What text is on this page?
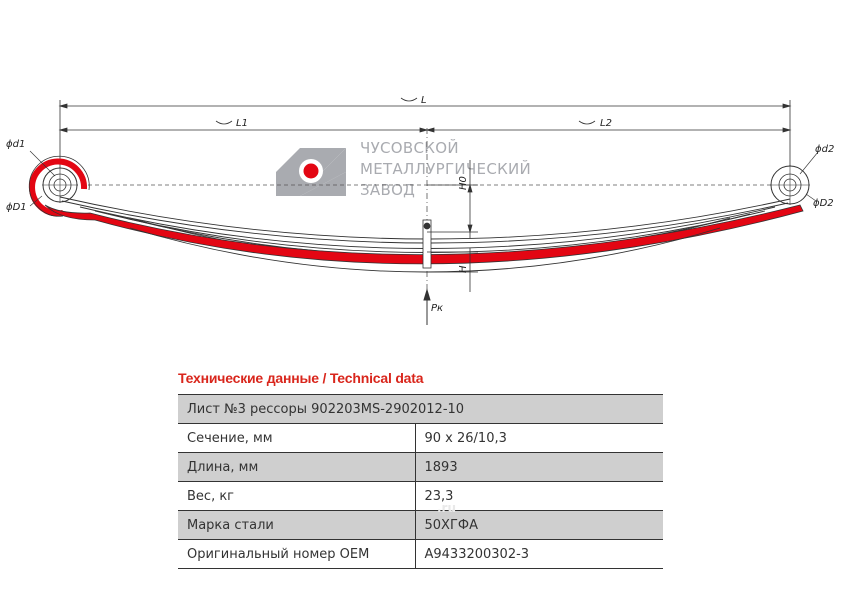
ЧУСОВСКОЙ
МЕТАЛЛУРГИЧЕСКИЙ
ЗАВОД
L
L1	L2
H0
H
Pк
ϕd1
ϕD1
ϕd2
ϕD2
Технические данные / Technical data
Лист №3 рессоры 902203MS-2902012-10	
Сечение, мм	90 x 26/10,3
Длина, мм	1893
Вес, кг	23,3
Марка стали	50ХГФА
Оригинальный номер OEM	A9433200302-3
.ru
